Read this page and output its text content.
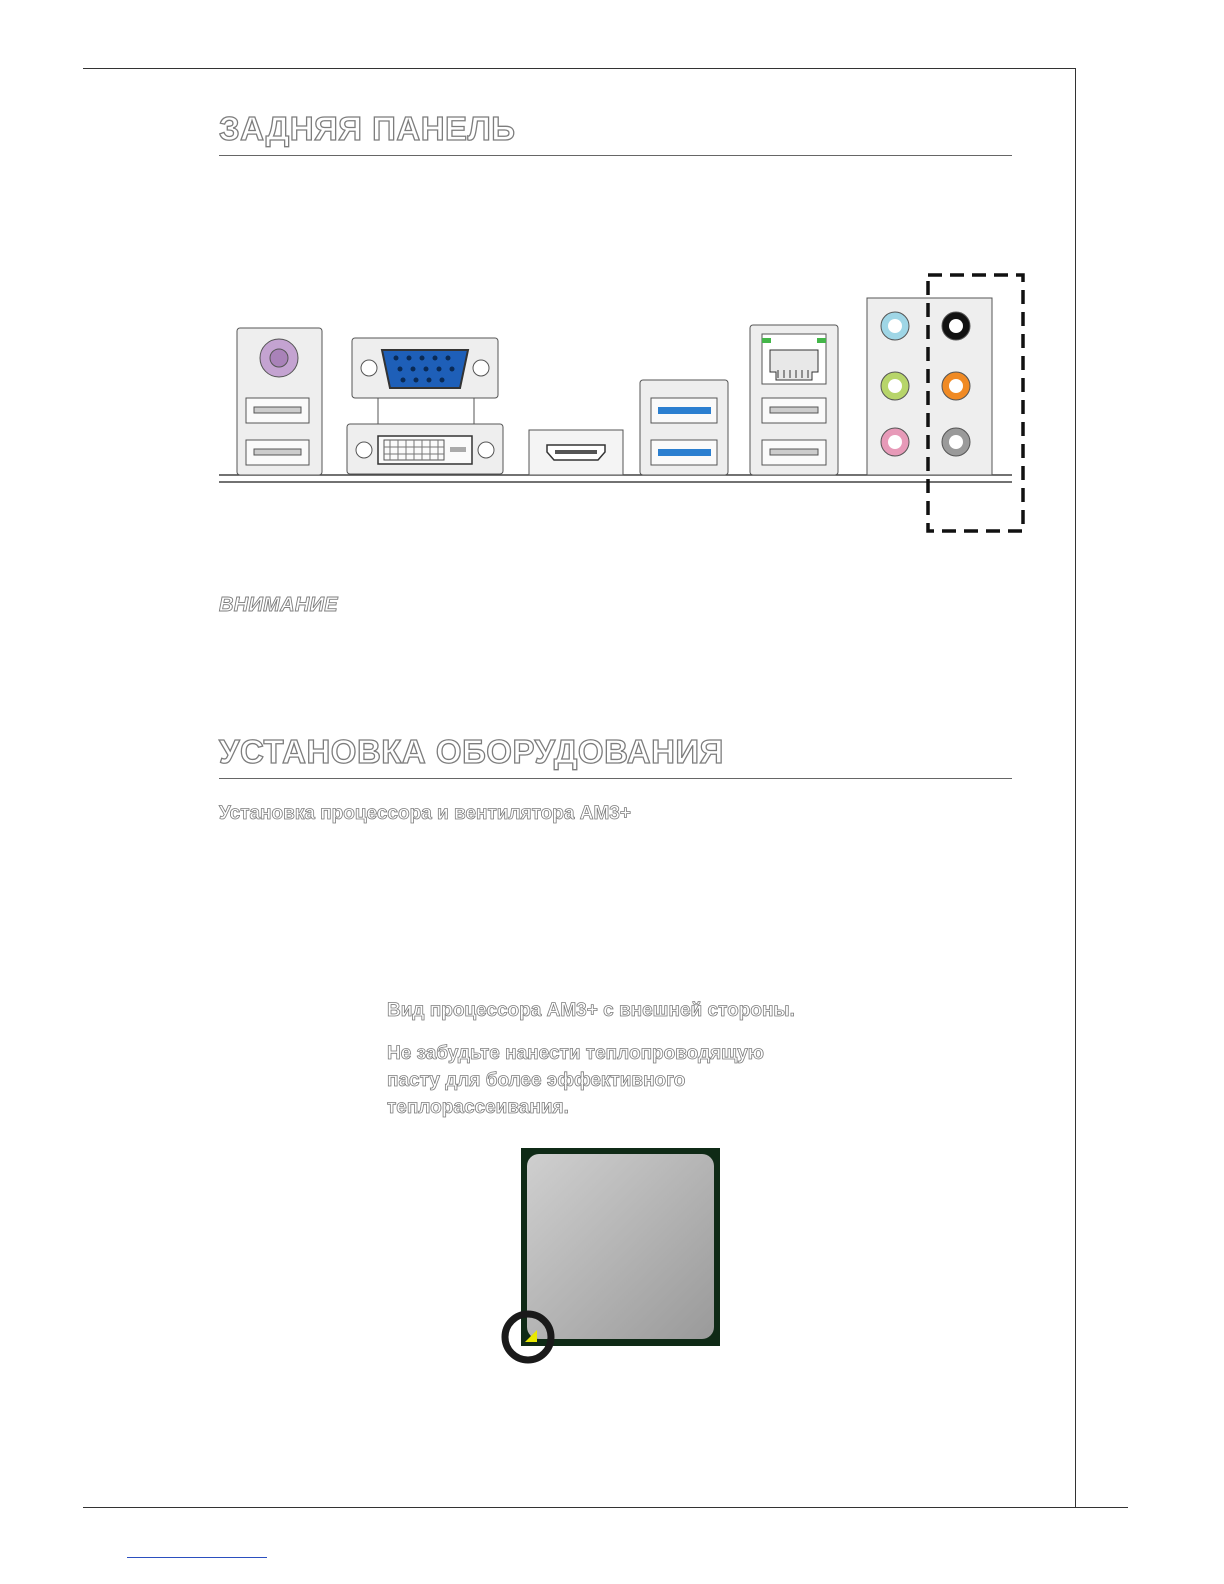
ЗАДНЯЯ ПАНЕЛЬ

ВНИМАНИЕ

УСТАНОВКА ОБОРУДОВАНИЯ

Установка процессора и вентилятора AM3+

Вид процессора AM3+ с внешней стороны.

Не забудьте нанести теплопроводящую

пасту для более эффективного

теплорассеивания.
